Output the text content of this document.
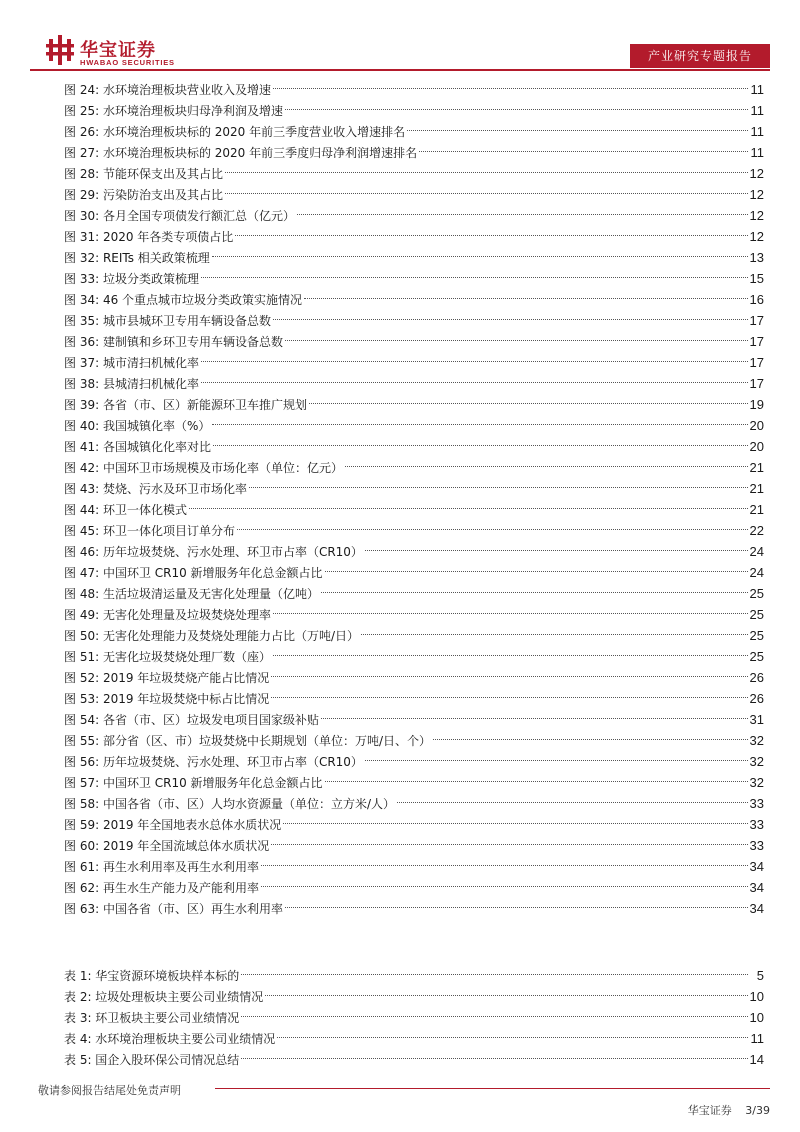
华宝证券
HWABAO SECURITIES	产业研究专题报告
图 24: 水环境治理板块营业收入及增速	11
图 25: 水环境治理板块归母净利润及增速	11
图 26: 水环境治理板块标的 2020 年前三季度营业收入增速排名	11
图 27: 水环境治理板块标的 2020 年前三季度归母净利润增速排名	11
图 28: 节能环保支出及其占比	12
图 29: 污染防治支出及其占比	12
图 30: 各月全国专项债发行额汇总（亿元）	12
图 31: 2020 年各类专项债占比	12
图 32: REITs 相关政策梳理	13
图 33: 垃圾分类政策梳理	15
图 34: 46 个重点城市垃圾分类政策实施情况	16
图 35: 城市县城环卫专用车辆设备总数	17
图 36: 建制镇和乡环卫专用车辆设备总数	17
图 37: 城市清扫机械化率	17
图 38: 县城清扫机械化率	17
图 39: 各省（市、区）新能源环卫车推广规划	19
图 40: 我国城镇化率（%）	20
图 41: 各国城镇化化率对比	20
图 42: 中国环卫市场规模及市场化率（单位：亿元）	21
图 43: 焚烧、污水及环卫市场化率	21
图 44: 环卫一体化模式	21
图 45: 环卫一体化项目订单分布	22
图 46: 历年垃圾焚烧、污水处理、环卫市占率（CR10）	24
图 47: 中国环卫 CR10 新增服务年化总金额占比	24
图 48: 生活垃圾清运量及无害化处理量（亿吨）	25
图 49: 无害化处理量及垃圾焚烧处理率	25
图 50: 无害化处理能力及焚烧处理能力占比（万吨/日）	25
图 51: 无害化垃圾焚烧处理厂数（座）	25
图 52: 2019 年垃圾焚烧产能占比情况	26
图 53: 2019 年垃圾焚烧中标占比情况	26
图 54: 各省（市、区）垃圾发电项目国家级补贴	31
图 55: 部分省（区、市）垃圾焚烧中长期规划（单位：万吨/日、个）	32
图 56: 历年垃圾焚烧、污水处理、环卫市占率（CR10）	32
图 57: 中国环卫 CR10 新增服务年化总金额占比	32
图 58: 中国各省（市、区）人均水资源量（单位：立方米/人）	33
图 59: 2019 年全国地表水总体水质状况	33
图 60: 2019 年全国流域总体水质状况	33
图 61: 再生水利用率及再生水利用率	34
图 62: 再生水生产能力及产能利用率	34
图 63: 中国各省（市、区）再生水利用率	34
表 1: 华宝资源环境板块样本标的	5
表 2: 垃圾处理板块主要公司业绩情况	10
表 3: 环卫板块主要公司业绩情况	10
表 4: 水环境治理板块主要公司业绩情况	11
表 5: 国企入股环保公司情况总结	14
敬请参阅报告结尾处免责声明
华宝证券 3/39
